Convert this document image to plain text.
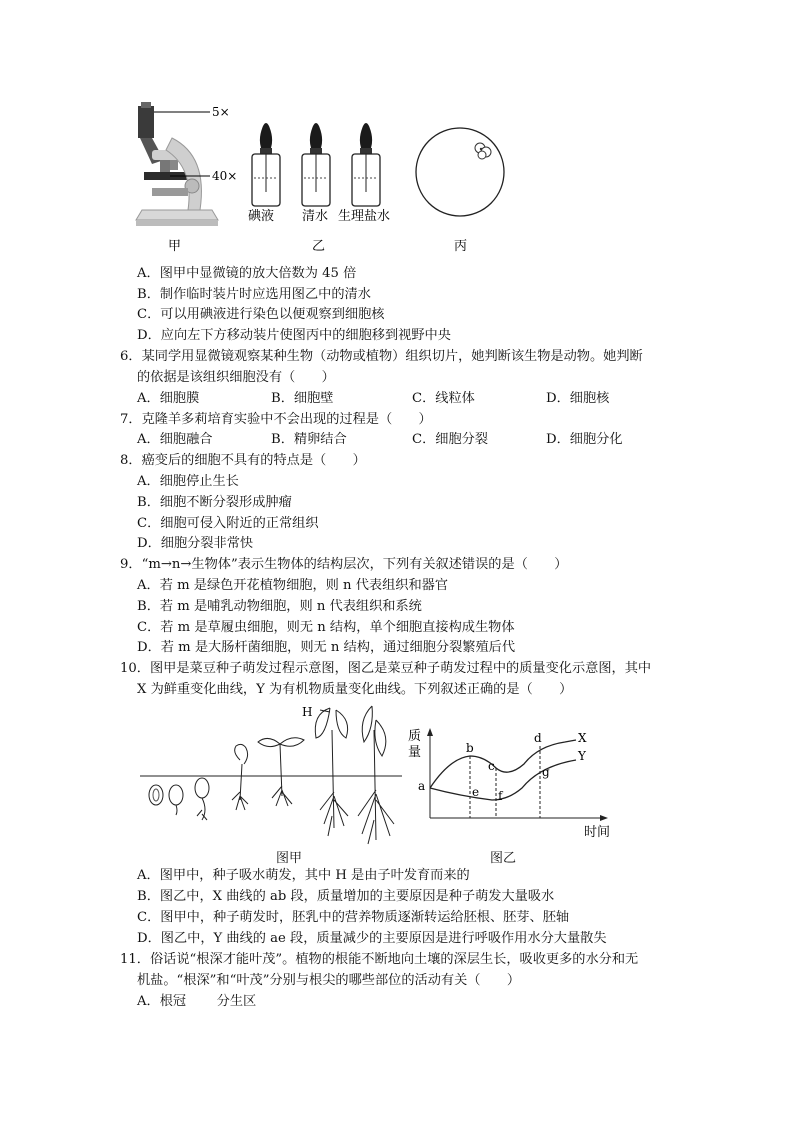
5×
40×
碘液 清水 生理盐水
甲	乙	丙
A．图甲中显微镜的放大倍数为 45 倍
B．制作临时装片时应选用图乙中的清水
C．可以用碘液进行染色以便观察到细胞核
D．应向左下方移动装片使图丙中的细胞移到视野中央
6．某同学用显微镜观察某种生物（动物或植物）组织切片，她判断该生物是动物。她判断
的依据是该组织细胞没有（　　）
A．细胞膜	B．细胞壁	C．线粒体	D．细胞核
7．克隆羊多莉培育实验中不会出现的过程是（　　）
A．细胞融合	B．精卵结合	C．细胞分裂	D．细胞分化
8．癌变后的细胞不具有的特点是（　　）
A．细胞停止生长
B．细胞不断分裂形成肿瘤
C．细胞可侵入附近的正常组织
D．细胞分裂非常快
9．“m→n→生物体”表示生物体的结构层次，下列有关叙述错误的是（　　）
A．若 m 是绿色开花植物细胞，则 n 代表组织和器官
B．若 m 是哺乳动物细胞，则 n 代表组织和系统
C．若 m 是草履虫细胞，则无 n 结构，单个细胞直接构成生物体
D．若 m 是大肠杆菌细胞，则无 n 结构，通过细胞分裂繁殖后代
10．图甲是菜豆种子萌发过程示意图，图乙是菜豆种子萌发过程中的质量变化示意图，其中
X 为鲜重变化曲线，Y 为有机物质量变化曲线。下列叙述正确的是（　　）
H
图甲
质
量
时间
a
b
c
d
e f
g
X
Y
图乙
A．图甲中，种子吸水萌发，其中 H 是由子叶发育而来的
B．图乙中，X 曲线的 ab 段，质量增加的主要原因是种子萌发大量吸水
C．图甲中，种子萌发时，胚乳中的营养物质逐渐转运给胚根、胚芽、胚轴
D．图乙中，Y 曲线的 ae 段，质量减少的主要原因是进行呼吸作用水分大量散失
11．俗话说“根深才能叶茂”。植物的根能不断地向土壤的深层生长，吸收更多的水分和无
机盐。“根深”和“叶茂”分别与根尖的哪些部位的活动有关（　　）
A．根冠　　 分生区
